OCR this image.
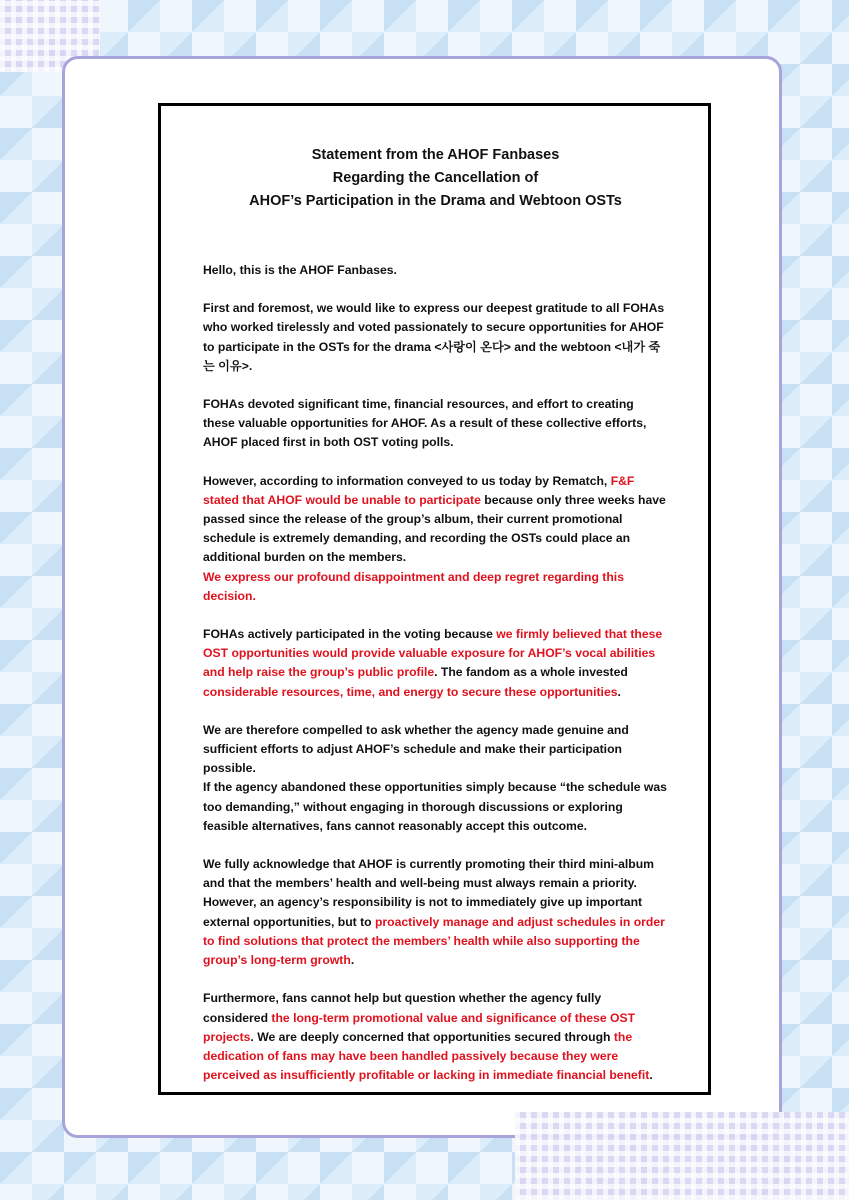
Statement from the AHOF Fanbases
Regarding the Cancellation of
AHOF’s Participation in the Drama and Webtoon OSTs

Hello, this is the AHOF Fanbases.

First and foremost, we would like to express our deepest gratitude to all FOHAs who worked tirelessly and voted passionately to secure opportunities for AHOF to participate in the OSTs for the drama <사랑이 온다> and the webtoon <내가 죽는 이유>.

FOHAs devoted significant time, financial resources, and effort to creating these valuable opportunities for AHOF. As a result of these collective efforts, AHOF placed first in both OST voting polls.

However, according to information conveyed to us today by Rematch, F&F stated that AHOF would be unable to participate because only three weeks have passed since the release of the group’s album, their current promotional schedule is extremely demanding, and recording the OSTs could place an additional burden on the members.
We express our profound disappointment and deep regret regarding this decision.

FOHAs actively participated in the voting because we firmly believed that these OST opportunities would provide valuable exposure for AHOF’s vocal abilities and help raise the group’s public profile. The fandom as a whole invested considerable resources, time, and energy to secure these opportunities.

We are therefore compelled to ask whether the agency made genuine and sufficient efforts to adjust AHOF’s schedule and make their participation possible.
If the agency abandoned these opportunities simply because “the schedule was too demanding,” without engaging in thorough discussions or exploring feasible alternatives, fans cannot reasonably accept this outcome.

We fully acknowledge that AHOF is currently promoting their third mini-album and that the members’ health and well-being must always remain a priority. However, an agency’s responsibility is not to immediately give up important external opportunities, but to proactively manage and adjust schedules in order to find solutions that protect the members’ health while also supporting the group’s long-term growth.

Furthermore, fans cannot help but question whether the agency fully considered the long-term promotional value and significance of these OST projects. We are deeply concerned that opportunities secured through the dedication of fans may have been handled passively because they were perceived as insufficiently profitable or lacking in immediate financial benefit.
